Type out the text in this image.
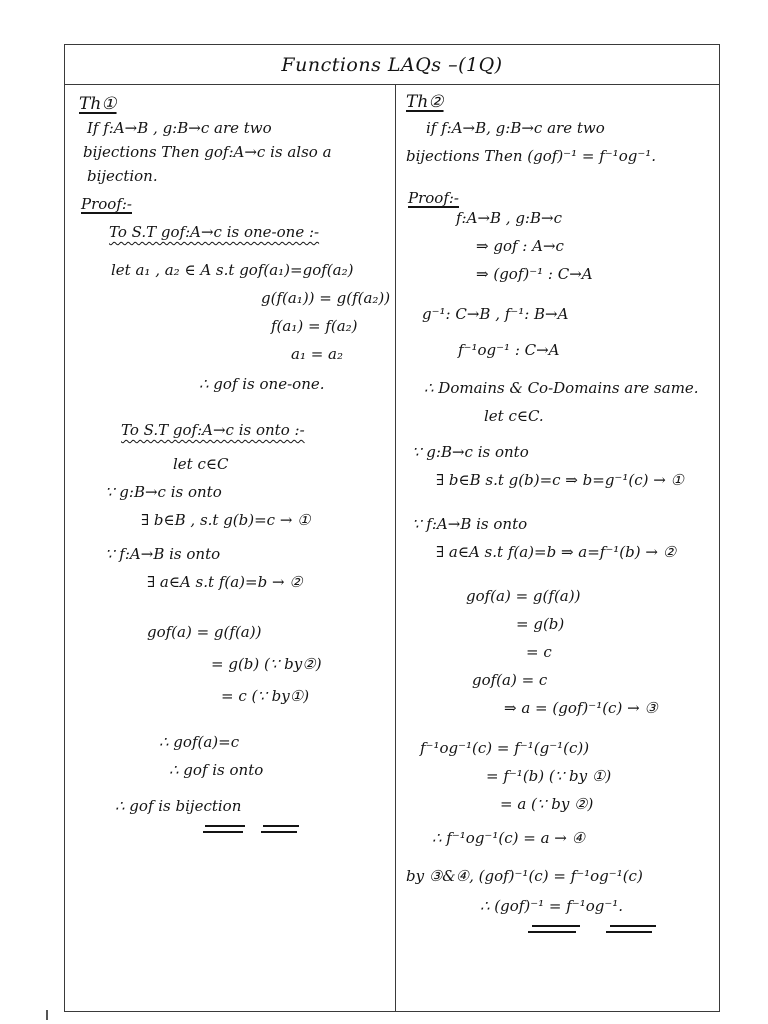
Functions LAQs –(1Q)
Th①
If f:A→B , g:B→c are two
bijections Then gof:A→c is also a
bijection.
Proof:-
To S.T gof:A→c is one-one :-
let a₁ , a₂ ∈ A s.t gof(a₁)=gof(a₂)
g(f(a₁)) = g(f(a₂))
f(a₁) = f(a₂)
a₁ = a₂
∴ gof is one-one.
To S.T gof:A→c is onto :-
let c∈C
∵ g:B→c is onto
∃ b∈B , s.t g(b)=c → ①
∵ f:A→B is onto
∃ a∈A s.t f(a)=b → ②
gof(a) = g(f(a))
= g(b) (∵ by②)
= c (∵ by①)
∴ gof(a)=c
∴ gof is onto
∴ gof is bijection
Th②
if f:A→B, g:B→c are two
bijections Then (gof)⁻¹ = f⁻¹og⁻¹.
Proof:-
f:A→B , g:B→c
⇒ gof : A→c
⇒ (gof)⁻¹ : C→A
g⁻¹: C→B , f⁻¹: B→A
f⁻¹og⁻¹ : C→A
∴ Domains & Co-Domains are same.
let c∈C.
∵ g:B→c is onto
∃ b∈B s.t g(b)=c ⇒ b=g⁻¹(c) → ①
∵ f:A→B is onto
∃ a∈A s.t f(a)=b ⇒ a=f⁻¹(b) → ②
gof(a) = g(f(a))
= g(b)
= c
gof(a) = c
⇒ a = (gof)⁻¹(c) → ③
f⁻¹og⁻¹(c) = f⁻¹(g⁻¹(c))
= f⁻¹(b) (∵ by ①)
= a (∵ by ②)
∴ f⁻¹og⁻¹(c) = a → ④
by ③&④, (gof)⁻¹(c) = f⁻¹og⁻¹(c)
∴ (gof)⁻¹ = f⁻¹og⁻¹.
